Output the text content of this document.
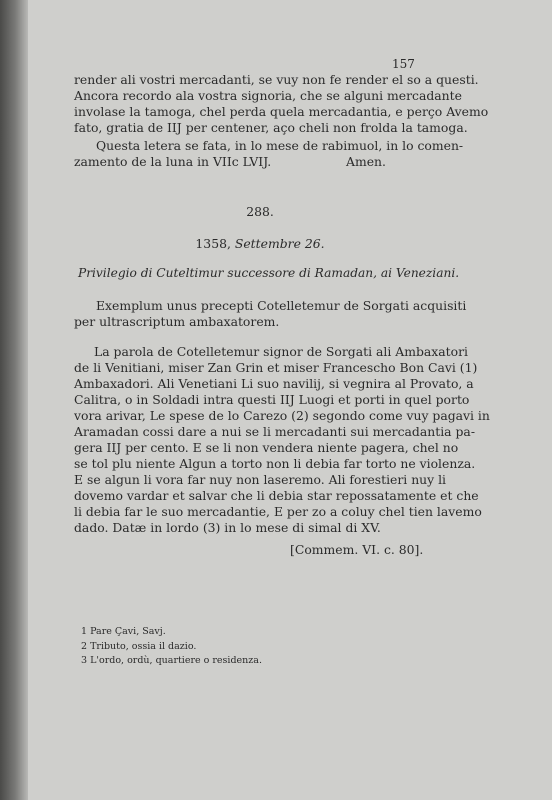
157
render ali vostri mercadanti, se vuy non fe render el so a questi.
Ancora recordo ala vostra signoria, che se alguni mercadante
involase la tamoga, chel perda quela mercadantia, e perço Avemo
fato, gratia de IIJ per centener, aço cheli non frolda la tamoga.
Questa letera se fata, in lo mese de rabimuol, in lo comen-
zamento de la luna in VIIc LVIJ.	Amen.
288.
1358, Settembre 26.
Privilegio di Cuteltimur successore di Ramadan, ai Veneziani.
Exemplum unus precepti Cotelletemur de Sorgati acquisiti
per ultrascriptum ambaxatorem.
La parola de Cotelletemur signor de Sorgati ali Ambaxatori
de li Venitiani, miser Zan Grin et miser Francescho Bon Cavi (1)
Ambaxadori. Ali Venetiani Li suo navilij, si vegnira al Provato, a
Calitra, o in Soldadi intra questi IIJ Luogi et porti in quel porto
vora arivar, Le spese de lo Carezo (2) segondo come vuy pagavi in
Aramadan cossi dare a nui se li mercadanti sui mercadantia pa-
gera IIJ per cento. E se li non vendera niente pagera, chel no
se tol plu niente Algun a torto non li debia far torto ne violenza.
E se algun li vora far nuy non laseremo. Ali forestieri nuy li
dovemo vardar et salvar che li debia star repossatamente et che
li debia far le suo mercadantie, E per zo a coluy chel tien lavemo
dado. Datæ in lordo (3) in lo mese di simal di XV.
[Commem. VI. c. 80].
1 Pare Çavi, Savj.
2 Tributo, ossia il dazio.
3 L'ordo, ordù, quartiere o residenza.
